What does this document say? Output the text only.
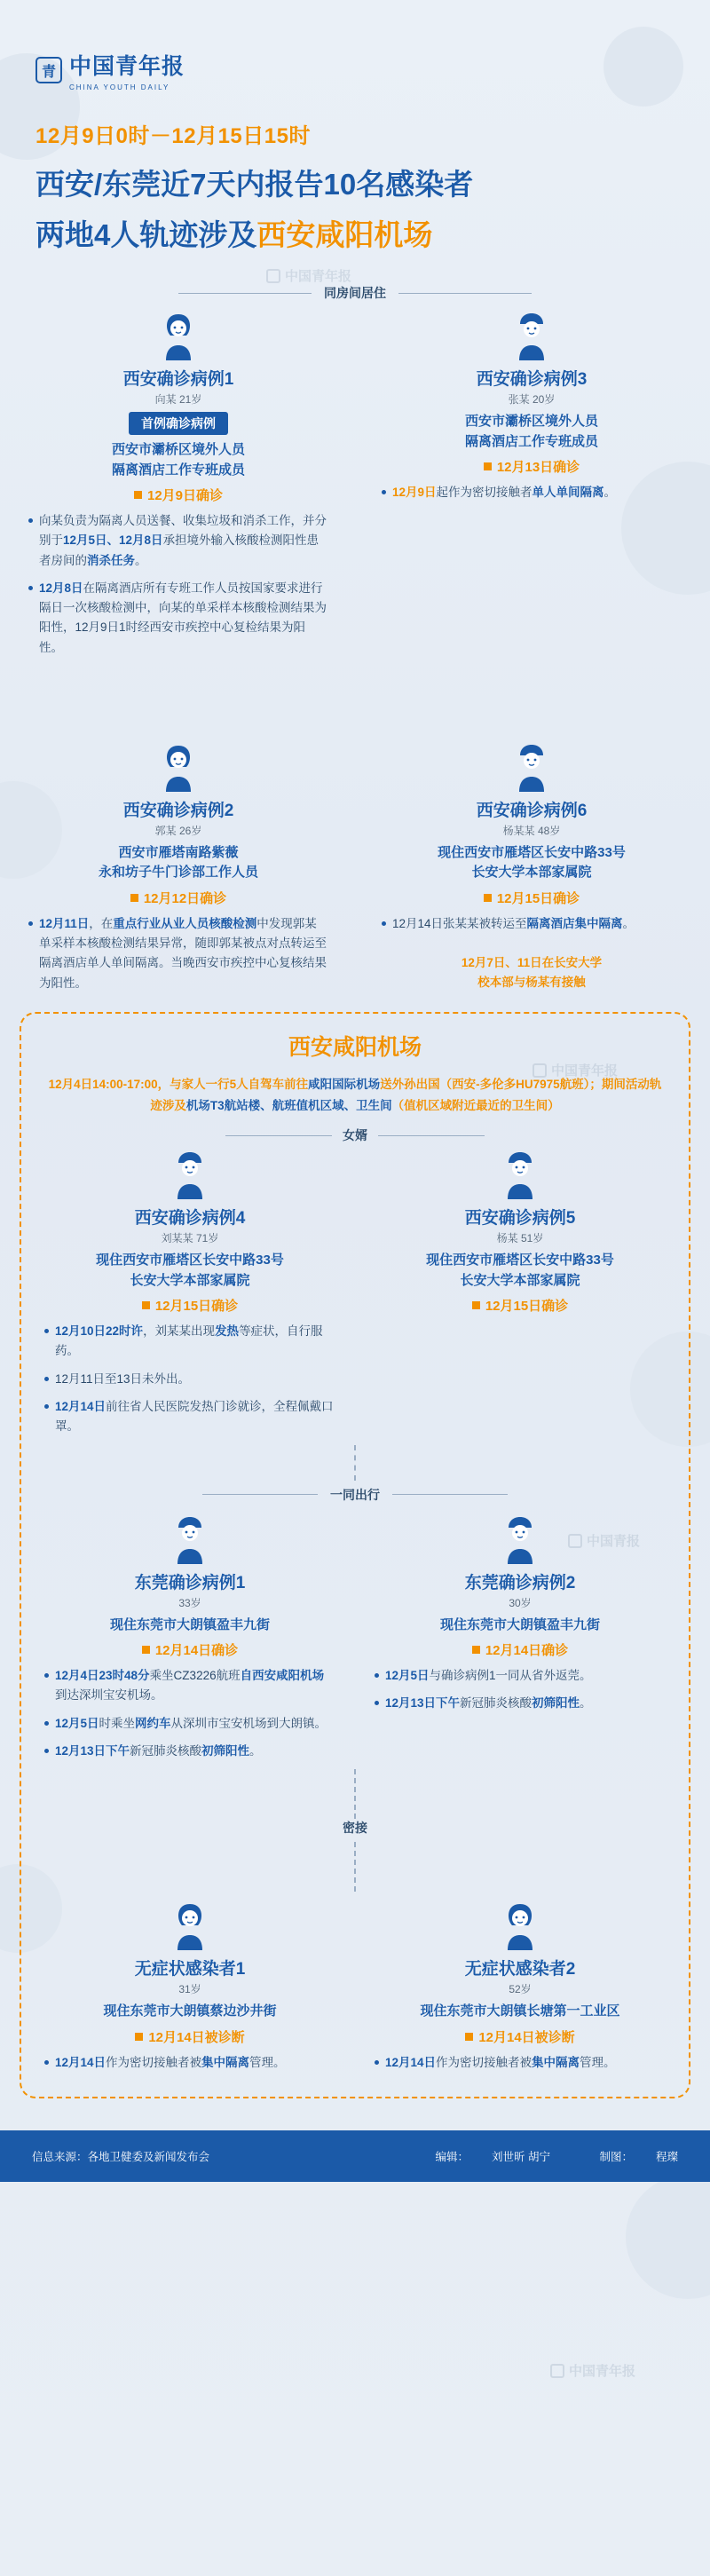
中国青年报
中国青年报
中国青报
中国青年报
青 中国青年报
CHINA YOUTH DAILY
12月9日0时－12月15日15时
西安/东莞近7天内报告10名感染者
两地4人轨迹涉及西安咸阳机场
同房间居住
西安确诊病例1
向某 21岁
首例确诊病例
西安市灞桥区境外人员
隔离酒店工作专班成员
12月9日确诊
向某负责为隔离人员送餐、收集垃圾和消杀工作，并分别于12月5日、12月8日承担境外输入核酸检测阳性患者房间的消杀任务。
12月8日在隔离酒店所有专班工作人员按国家要求进行隔日一次核酸检测中，向某的单采样本核酸检测结果为阳性，12月9日1时经西安市疾控中心复检结果为阳性。
西安确诊病例3
张某 20岁
西安市灞桥区境外人员
隔离酒店工作专班成员
12月13日确诊
12月9日起作为密切接触者单人单间隔离。
西安确诊病例2
郭某 26岁
西安市雁塔南路紫薇
永和坊子牛门诊部工作人员
12月12日确诊
12月11日，在重点行业从业人员核酸检测中发现郭某单采样本核酸检测结果异常，随即郭某被点对点转运至隔离酒店单人单间隔离。当晚西安市疾控中心复核结果为阳性。
西安确诊病例6
杨某某 48岁
现住西安市雁塔区长安中路33号
长安大学本部家属院
12月15日确诊
12月14日张某某被转运至隔离酒店集中隔离。
12月7日、11日在长安大学
校本部与杨某有接触
西安咸阳机场
12月4日14:00-17:00，与家人一行5人自驾车前往咸阳国际机场送外孙出国（西安-多伦多HU7975航班）；期间活动轨迹涉及机场T3航站楼、航班值机区域、卫生间（值机区域附近最近的卫生间）
女婿
西安确诊病例4
刘某某 71岁
现住西安市雁塔区长安中路33号
长安大学本部家属院
12月15日确诊
12月10日22时许，刘某某出现发热等症状，自行服药。
12月11日至13日未外出。
12月14日前往省人民医院发热门诊就诊，全程佩戴口罩。
西安确诊病例5
杨某 51岁
现住西安市雁塔区长安中路33号
长安大学本部家属院
12月15日确诊
一同出行
东莞确诊病例1
33岁
现住东莞市大朗镇盈丰九街
12月14日确诊
12月4日23时48分乘坐CZ3226航班自西安咸阳机场到达深圳宝安机场。
12月5日时乘坐网约车从深圳市宝安机场到大朗镇。
12月13日下午新冠肺炎核酸初筛阳性。
东莞确诊病例2
30岁
现住东莞市大朗镇盈丰九街
12月14日确诊
12月5日与确诊病例1一同从省外返莞。
12月13日下午新冠肺炎核酸初筛阳性。
密接
无症状感染者1
31岁
现住东莞市大朗镇蔡边沙井街
12月14日被诊断
12月14日作为密切接触者被集中隔离管理。
无症状感染者2
52岁
现住东莞市大朗镇长塘第一工业区
12月14日被诊断
12月14日作为密切接触者被集中隔离管理。
信息来源：各地卫健委及新闻发布会	编辑： 刘世昕 胡宁	制图： 程璨
